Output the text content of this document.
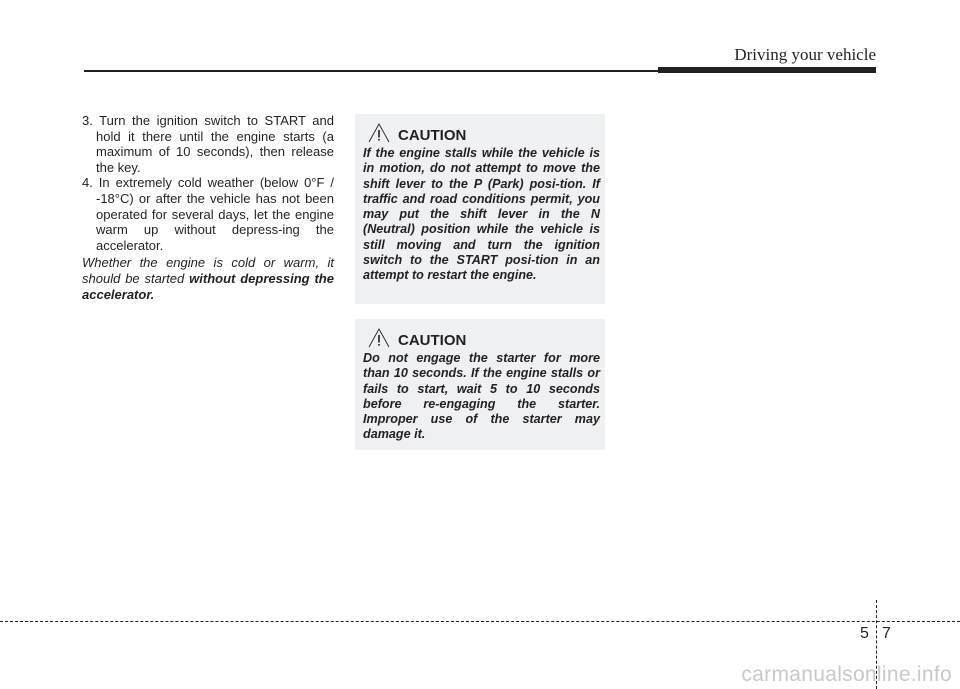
Driving your vehicle

3. Turn the ignition switch to START and hold it there until the engine starts (a maximum of 10 seconds), then release the key.

4. In extremely cold weather (below 0°F / -18°C) or after the vehicle has not been operated for several days, let the engine warm up without depress-ing the accelerator.

Whether the engine is cold or warm, it should be started without depressing the accelerator.

CAUTION

If the engine stalls while the vehicle is in motion, do not attempt to move the shift lever to the P (Park) posi-tion. If traffic and road conditions permit, you may put the shift lever in the N (Neutral) position while the vehicle is still moving and turn the ignition switch to the START posi-tion in an attempt to restart the engine.

CAUTION

Do not engage the starter for more than 10 seconds. If the engine stalls or fails to start, wait 5 to 10 seconds before re-engaging the starter. Improper use of the starter may damage it.

5 7
carmanualsonline.info
